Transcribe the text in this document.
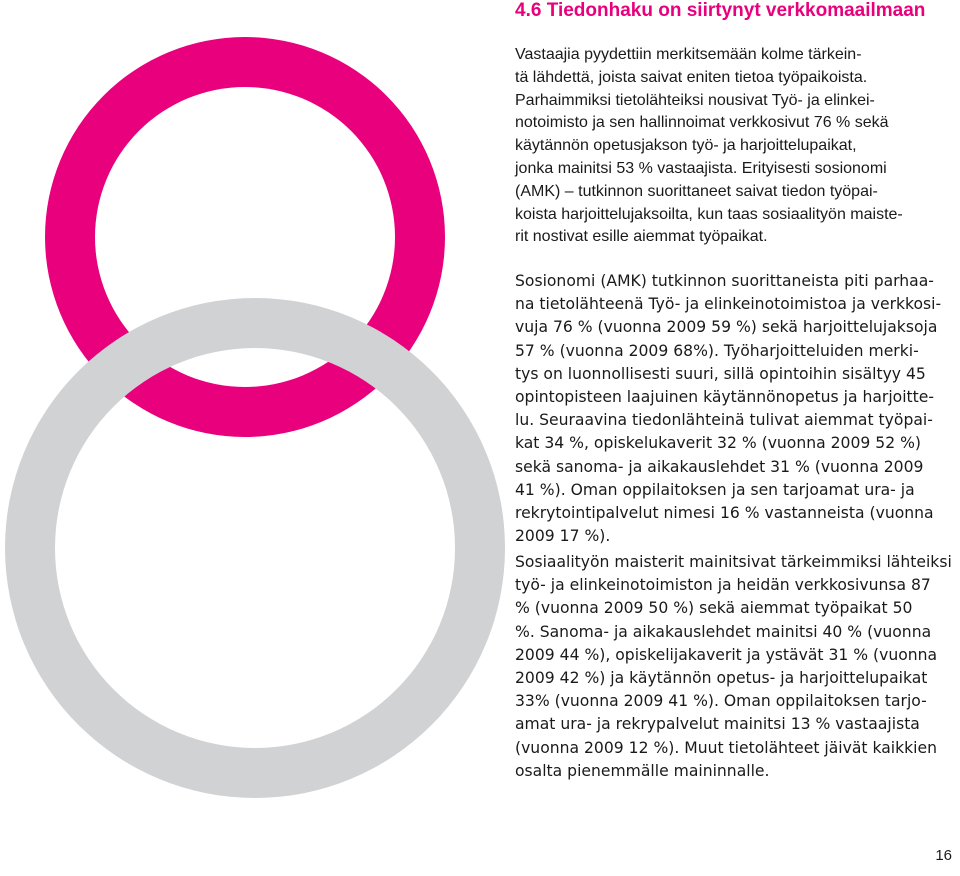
4.6 Tiedonhaku on siirtynyt verkkomaailmaan
Vastaajia pyydettiin merkitsemään kolme tärkein-
tä lähdettä, joista saivat eniten tietoa työpaikoista.
Parhaimmiksi tietolähteiksi nousivat Työ- ja elinkei-
notoimisto ja sen hallinnoimat verkkosivut 76 % sekä
käytännön opetusjakson työ- ja harjoittelupaikat,
jonka mainitsi 53 % vastaajista. Erityisesti sosionomi
(AMK) – tutkinnon suorittaneet saivat tiedon työpai-
koista harjoittelujaksoilta, kun taas sosiaalityön maiste-
rit nostivat esille aiemmat työpaikat.
Sosionomi (AMK) tutkinnon suorittaneista piti parhaa-
na tietolähteenä Työ- ja elinkeinotoimistoa ja verkkosi-
vuja 76 % (vuonna 2009 59 %) sekä harjoittelujaksoja
57 % (vuonna 2009 68%). Työharjoitteluiden merki-
tys on luonnollisesti suuri, sillä opintoihin sisältyy 45
opintopisteen laajuinen käytännönopetus ja harjoitte-
lu. Seuraavina tiedonlähteinä tulivat aiemmat työpai-
kat 34 %, opiskelukaverit 32 % (vuonna 2009 52 %)
sekä sanoma- ja aikakauslehdet 31 % (vuonna 2009
41 %). Oman oppilaitoksen ja sen tarjoamat ura- ja
rekrytointipalvelut nimesi 16 % vastanneista (vuonna
2009 17 %).
Sosiaalityön maisterit mainitsivat tärkeimmiksi lähteiksi
työ- ja elinkeinotoimiston ja heidän verkkosivunsa 87
% (vuonna 2009 50 %) sekä aiemmat työpaikat 50
%. Sanoma- ja aikakauslehdet mainitsi 40 % (vuonna
2009 44 %), opiskelijakaverit ja ystävät 31 % (vuonna
2009 42 %) ja käytännön opetus- ja harjoittelupaikat
33% (vuonna 2009 41 %). Oman oppilaitoksen tarjo-
amat ura- ja rekrypalvelut mainitsi 13 % vastaajista
(vuonna 2009 12 %). Muut tietolähteet jäivät kaikkien
osalta pienemmälle maininnalle.
16
